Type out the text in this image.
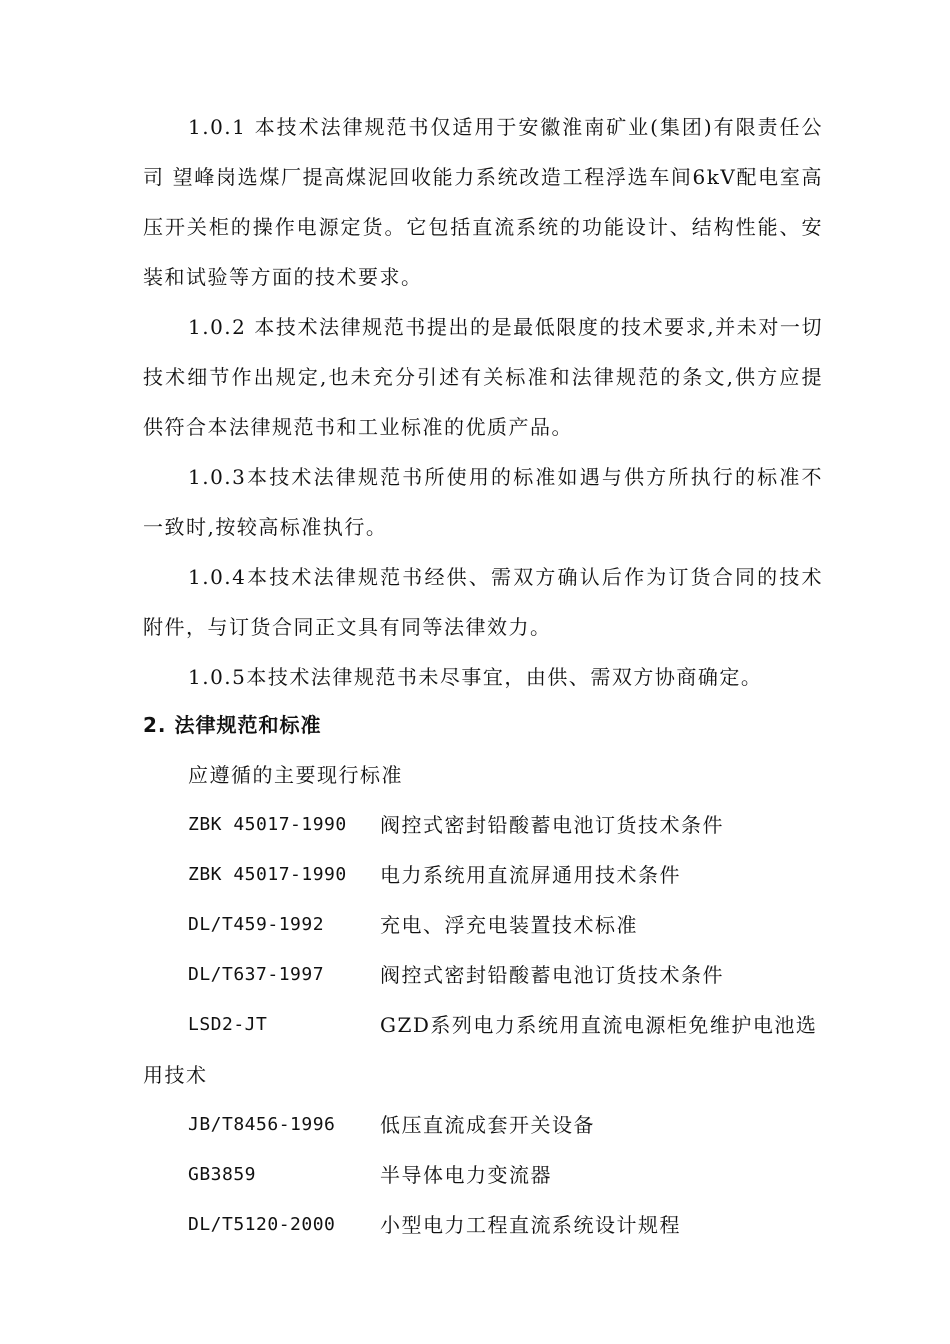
1.0.1 本技术法律规范书仅适用于安徽淮南矿业(集团)有限责任公司 望峰岗选煤厂提高煤泥回收能力系统改造工程浮选车间6kV配电室高压开关柜的操作电源定货。它包括直流系统的功能设计、结构性能、安装和试验等方面的技术要求。

1.0.2 本技术法律规范书提出的是最低限度的技术要求,并未对一切技术细节作出规定,也未充分引述有关标准和法律规范的条文,供方应提供符合本法律规范书和工业标准的优质产品。

1.0.3本技术法律规范书所使用的标准如遇与供方所执行的标准不一致时,按较高标准执行。

1.0.4本技术法律规范书经供、需双方确认后作为订货合同的技术附件，与订货合同正文具有同等法律效力。

1.0.5本技术法律规范书未尽事宜，由供、需双方协商确定。

2. 法律规范和标准

应遵循的主要现行标准
ZBK 45017-1990 阀控式密封铅酸蓄电池订货技术条件
ZBK 45017-1990 电力系统用直流屏通用技术条件
DL/T459-1992	充电、浮充电装置技术标准
DL/T637-1997	阀控式密封铅酸蓄电池订货技术条件
LSD2-JT	GZD系列电力系统用直流电源柜免维护电池选
用技术
JB/T8456-1996 低压直流成套开关设备
GB3859	半导体电力变流器
DL/T5120-2000 小型电力工程直流系统设计规程
